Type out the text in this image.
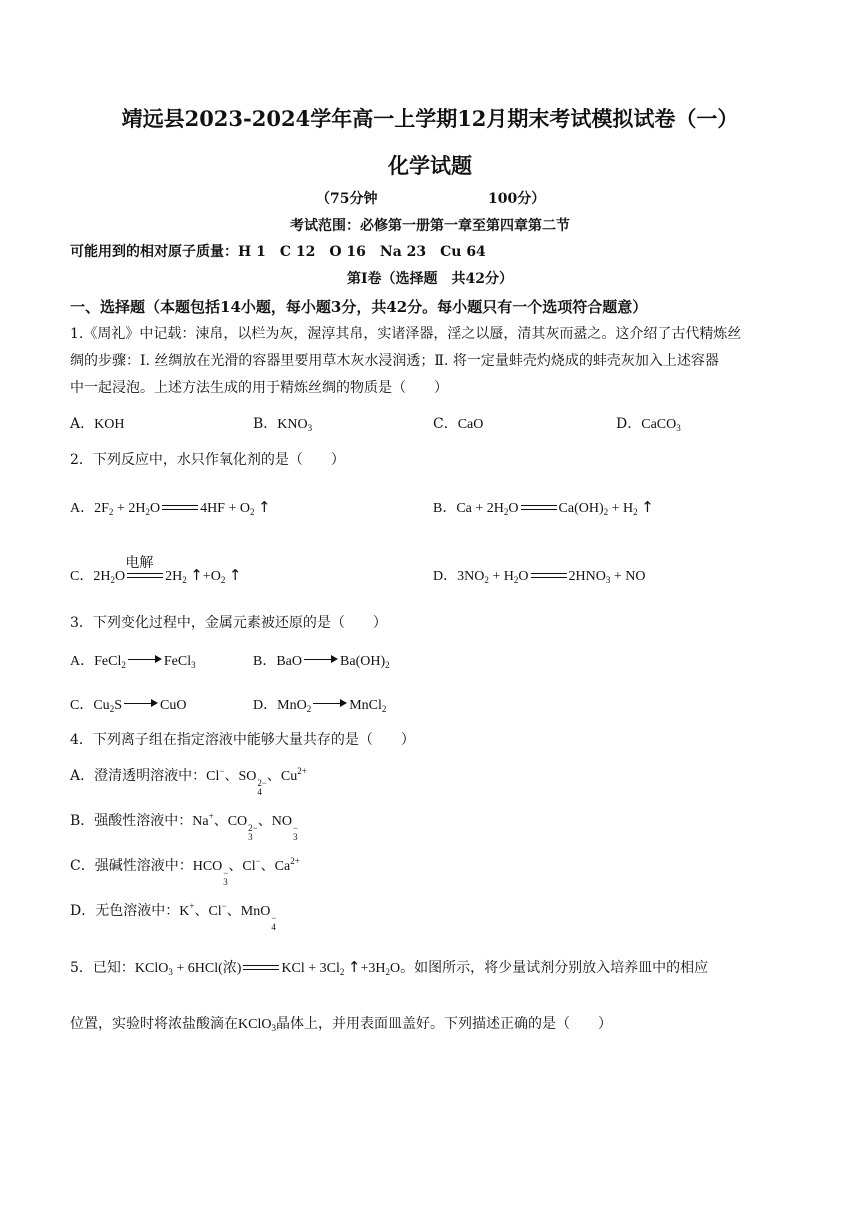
靖远县2023-2024学年高一上学期12月期末考试模拟试卷（一）
化学试题
（75分钟	100分）
考试范围：必修第一册第一章至第四章第二节
可能用到的相对原子质量：H 1　C 12　O 16　Na 23　Cu 64
第Ⅰ卷（选择题　共42分）
一、选择题（本题包括14小题，每小题3分，共42分。每小题只有一个选项符合题意）
1.《周礼》中记载：涑帛，以栏为灰，渥淳其帛，实诸泽器，淫之以蜃，清其灰而盝之。这介绍了古代精炼丝
绸的步骤：Ⅰ. 丝绸放在光滑的容器里要用草木灰水浸润透；Ⅱ. 将一定量蚌壳灼烧成的蚌壳灰加入上述容器
中一起浸泡。上述方法生成的用于精炼丝绸的物质是（　　）
A．KOH	B．$KNO_3$	C．CaO	D．CaCO$_3$
2．下列反应中，水只作氧化剂的是（　　）
A．$2F_2 + 2H_2O$	$4HF + O_2$ ↑	B．$Ca + 2H_2O$	$Ca(OH)_2 + H_2$ ↑
C．$2H_2O$
电解
$2H_2$ $↑+O_2$ ↑	D．$3NO_2 + H_2O$	$2HNO_3$ + NO
3．下列变化过程中，金属元素被还原的是（　　）
A．FeCl$_2$	FeCl$_3$	B．BaO	$Ba(OH)_2$
C．$Cu_2S$	CuO	D．MnO$_2$	MnCl$_2$
4．下列离子组在指定溶液中能够大量共存的是（　　）
A．澄清透明溶液中：Cl−、SO 2−
4
、$Cu^{2+}$
B．强酸性溶液中：Na+、CO 2−
3
、NO −
3
C．强碱性溶液中：HCO −
3
、Cl−、$Ca^{2+}$
D．无色溶液中：K+、Cl−、MnO −
4
5．已知：KClO$_3$ + 6HCl(浓)	KCl + $3Cl_2$ $↑+3H_2O$。如图所示，将少量试剂分别放入培养皿中的相应
位置，实验时将浓盐酸滴在KClO$_3$晶体上，并用表面皿盖好。下列描述正确的是（　　）
